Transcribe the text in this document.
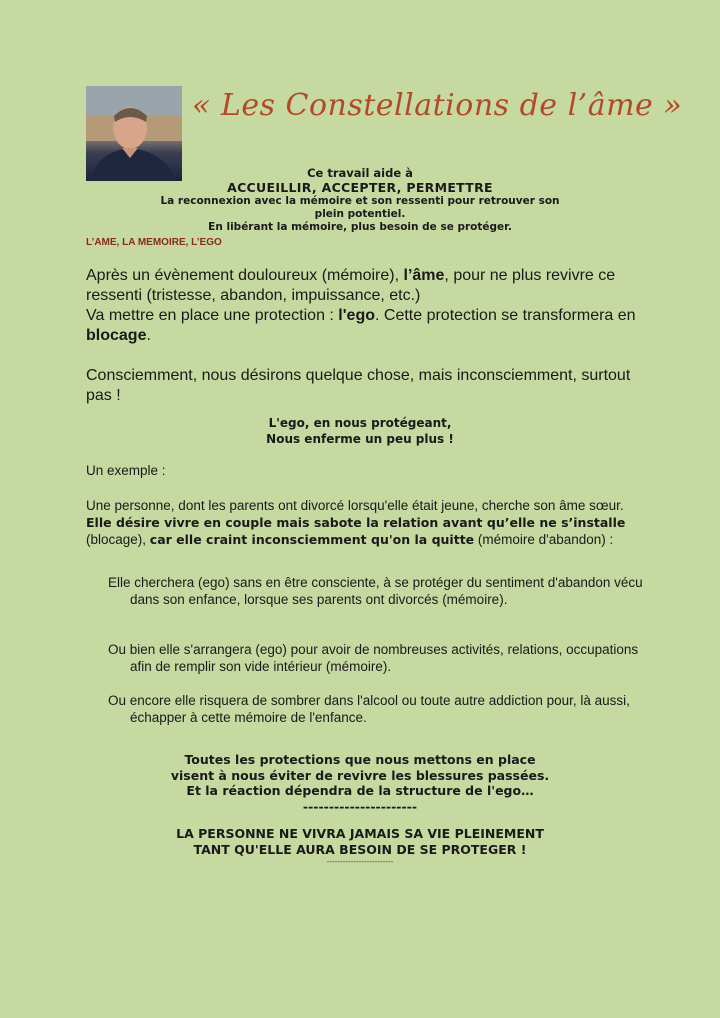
« Les Constellations de l’âme »
Ce travail aide à
ACCUEILLIR, ACCEPTER, PERMETTRE
La reconnexion avec la mémoire et son ressenti pour retrouver son plein potentiel.
En libérant la mémoire, plus besoin de se protéger.
L’AME, LA MEMOIRE, L’EGO
Après un évènement douloureux (mémoire), l’âme, pour ne plus revivre ce ressenti (tristesse, abandon, impuissance, etc.)
Va mettre en place une protection : l'ego. Cette protection se transformera en blocage.
Consciemment, nous désirons quelque chose, mais inconsciemment, surtout pas !
L'ego, en nous protégeant,
Nous enferme un peu plus !
Un exemple :
Une personne, dont les parents ont divorcé lorsqu'elle était jeune, cherche son âme sœur. Elle désire vivre en couple mais sabote la relation avant qu’elle ne s’installe (blocage), car elle craint inconsciemment qu'on la quitte (mémoire d'abandon) :
Elle cherchera (ego) sans en être consciente, à se protéger du sentiment d'abandon vécu dans son enfance, lorsque ses parents ont divorcés (mémoire).
Ou bien elle s'arrangera (ego) pour avoir de nombreuses activités, relations, occupations afin de remplir son vide intérieur (mémoire).
Ou encore elle risquera de sombrer dans l'alcool ou toute autre addiction pour, là aussi, échapper à cette mémoire de l'enfance.
Toutes les protections que nous mettons en place
visent à nous éviter de revivre les blessures passées.
Et la réaction dépendra de la structure de l'ego…
----------------------
LA PERSONNE NE VIVRA JAMAIS SA VIE PLEINEMENT
TANT QU'ELLE AURA BESOIN DE SE PROTEGER !
-------------------------
